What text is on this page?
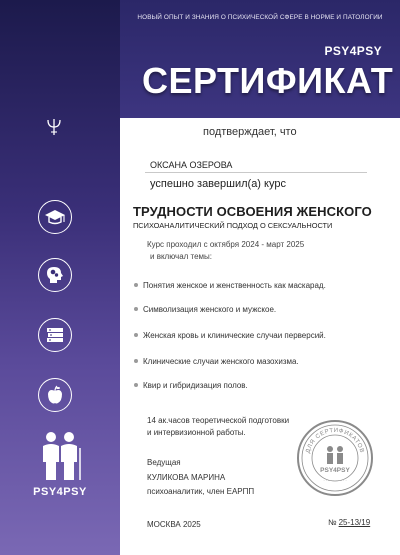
PSY4PSY
НОВЫЙ ОПЫТ И ЗНАНИЯ О ПСИХИЧЕСКОЙ СФЕРЕ В НОРМЕ И ПАТОЛОГИИ
PSY4PSY
СЕРТИФИКАТ
подтверждает, что
ОКСАНА ОЗЕРОВА
успешно завершил(а) курс
ТРУДНОСТИ ОСВОЕНИЯ ЖЕНСКОГО
ПСИХОАНАЛИТИЧЕСКИЙ ПОДХОД О СЕКСУАЛЬНОСТИ
Курс проходил с октября 2024 - март 2025
и включал темы:
Понятия женское и женственность как маскарад.
Символизация женского и мужское.
Женская кровь и клинические случаи перверсий.
Клинические случаи женского мазохизма.
Квир и гибридизация полов.
14 ак.часов теоретической подготовки
и интервизионной работы.
Ведущая
КУЛИКОВА МАРИНА
психоаналитик, член ЕАРПП
МОСКВА 2025	№ 25-13/19
ДЛЯ СЕРТИФИКАТОВ
PSY4PSY
· · · · · · · · · ·
